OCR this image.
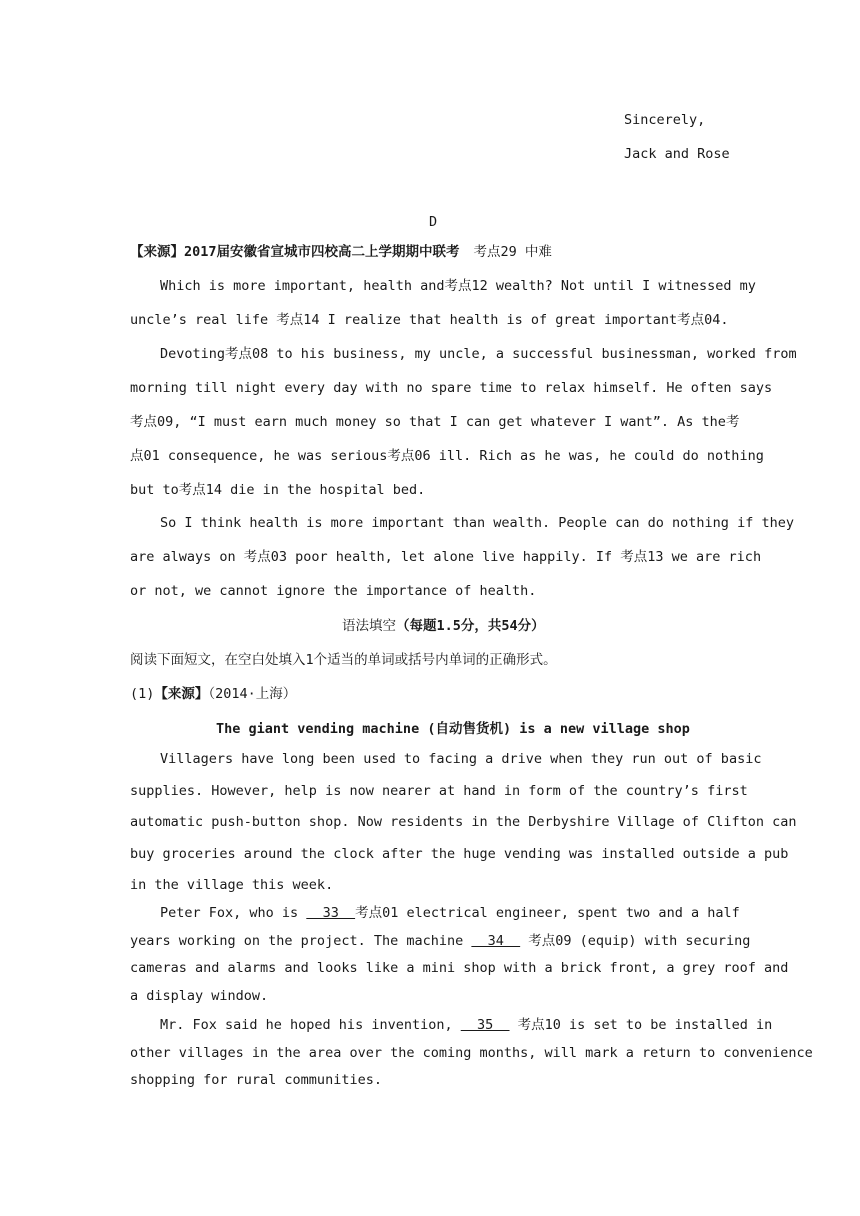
Sincerely,
Jack and Rose
D
【来源】2017届安徽省宣城市四校高二上学期期中联考 考点29 中难
Which is more important, health and考点12 wealth? Not until I witnessed my
uncle’s real life 考点14 I realize that health is of great important考点04.
Devoting考点08 to his business, my uncle, a successful businessman, worked from
morning till night every day with no spare time to relax himself. He often says
考点09, “I must earn much money so that I can get whatever I want”. As the考
点01 consequence, he was serious考点06 ill. Rich as he was, he could do nothing
but to考点14 die in the hospital bed.
So I think health is more important than wealth. People can do nothing if they
are always on 考点03 poor health, let alone live happily. If 考点13 we are rich
or not, we cannot ignore the importance of health.
语法填空（每题1.5分，共54分）
阅读下面短文，在空白处填入1个适当的单词或括号内单词的正确形式。
(1)【来源】（2014·上海）
The giant vending machine (自动售货机) is a new village shop
Villagers have long been used to facing a drive when they run out of basic
supplies. However, help is now nearer at hand in form of the country’s first
automatic push-button shop. Now residents in the Derbyshire Village of Clifton can
buy groceries around the clock after the huge vending was installed outside a pub
in the village this week.
Peter Fox, who is   33  考点01 electrical engineer, spent two and a half
years working on the project. The machine   34   考点09 (equip) with securing
cameras and alarms and looks like a mini shop with a brick front, a grey roof and
a display window.
Mr. Fox said he hoped his invention,   35   考点10 is set to be installed in
other villages in the area over the coming months, will mark a return to convenience
shopping for rural communities.
